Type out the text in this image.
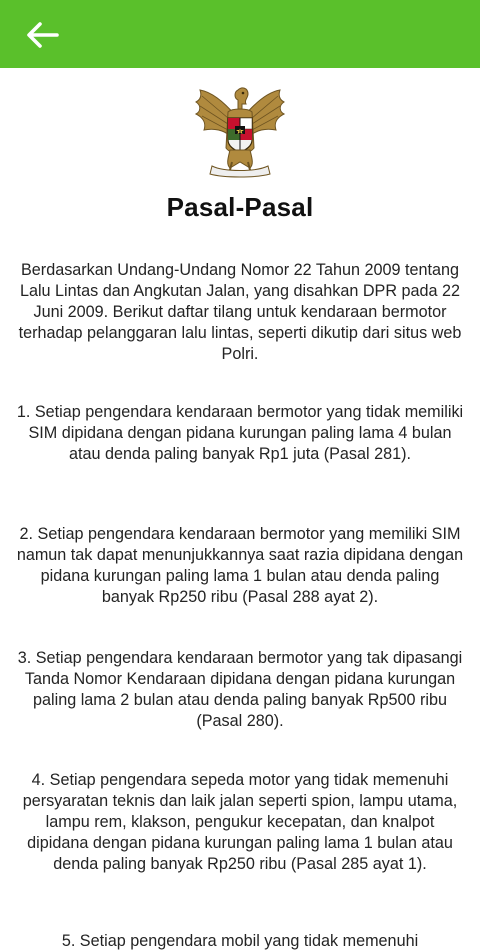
Pasal-Pasal

Berdasarkan Undang-Undang Nomor 22 Tahun 2009 tentang Lalu Lintas dan Angkutan Jalan, yang disahkan DPR pada 22 Juni 2009. Berikut daftar tilang untuk kendaraan bermotor terhadap pelanggaran lalu lintas, seperti dikutip dari situs web Polri.

1. Setiap pengendara kendaraan bermotor yang tidak memiliki SIM dipidana dengan pidana kurungan paling lama 4 bulan atau denda paling banyak Rp1 juta (Pasal 281).

2. Setiap pengendara kendaraan bermotor yang memiliki SIM namun tak dapat menunjukkannya saat razia dipidana dengan pidana kurungan paling lama 1 bulan atau denda paling banyak Rp250 ribu (Pasal 288 ayat 2).

3. Setiap pengendara kendaraan bermotor yang tak dipasangi Tanda Nomor Kendaraan dipidana dengan pidana kurungan paling lama 2 bulan atau denda paling banyak Rp500 ribu (Pasal 280).

4. Setiap pengendara sepeda motor yang tidak memenuhi persyaratan teknis dan laik jalan seperti spion, lampu utama, lampu rem, klakson, pengukur kecepatan, dan knalpot dipidana dengan pidana kurungan paling lama 1 bulan atau denda paling banyak Rp250 ribu (Pasal 285 ayat 1).

5. Setiap pengendara mobil yang tidak memenuhi
